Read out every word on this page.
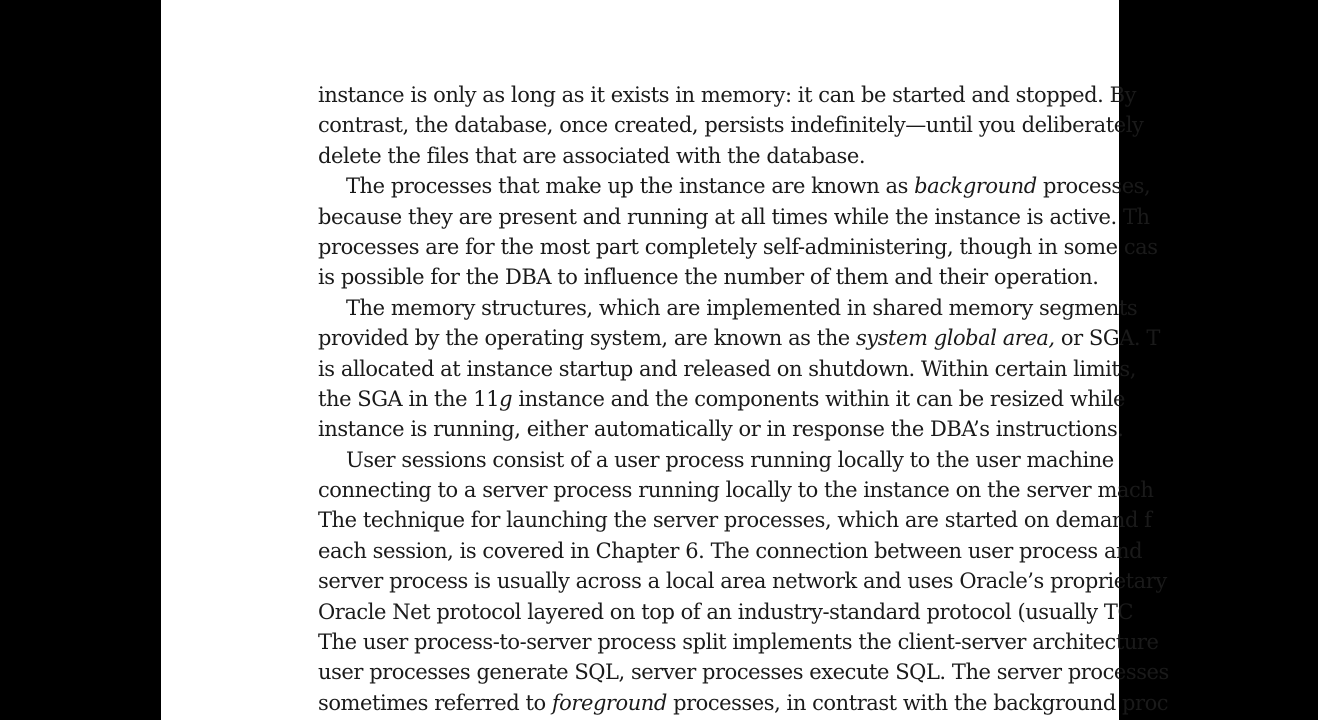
instance is only as long as it exists in memory: it can be started and stopped. By
contrast, the database, once created, persists indefinitely—until you deliberately
delete the files that are associated with the database.
The processes that make up the instance are known as background processes,
because they are present and running at all times while the instance is active. Th
processes are for the most part completely self-administering, though in some cas
is possible for the DBA to influence the number of them and their operation.
The memory structures, which are implemented in shared memory segments
provided by the operating system, are known as the system global area, or SGA. T
is allocated at instance startup and released on shutdown. Within certain limits,
the SGA in the 11g instance and the components within it can be resized while
instance is running, either automatically or in response the DBA’s instructions.
User sessions consist of a user process running locally to the user machine
connecting to a server process running locally to the instance on the server mach
The technique for launching the server processes, which are started on demand f
each session, is covered in Chapter 6. The connection between user process and
server process is usually across a local area network and uses Oracle’s proprietary
Oracle Net protocol layered on top of an industry-standard protocol (usually TC
The user process-to-server process split implements the client-server architecture
user processes generate SQL, server processes execute SQL. The server processes
sometimes referred to foreground processes, in contrast with the background proc
